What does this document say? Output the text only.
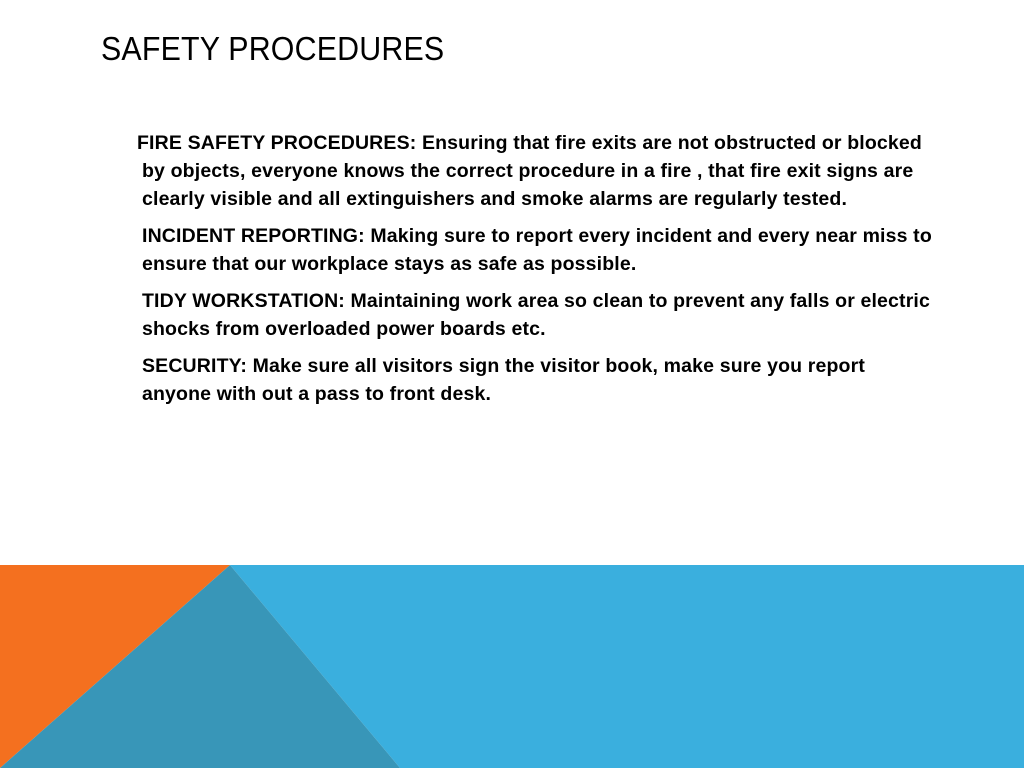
SAFETY PROCEDURES

FIRE SAFETY PROCEDURES: Ensuring that fire exits are not obstructed or blocked by objects, everyone knows the correct procedure in a fire , that fire exit signs are clearly visible and all extinguishers and smoke alarms are regularly tested.

INCIDENT REPORTING: Making sure to report every incident and every near miss to ensure that our workplace stays as safe as possible.

TIDY WORKSTATION: Maintaining work area so clean to prevent any falls or electric shocks from overloaded power boards etc.

SECURITY: Make sure all visitors sign the visitor book, make sure you report anyone with out a pass to front desk.
